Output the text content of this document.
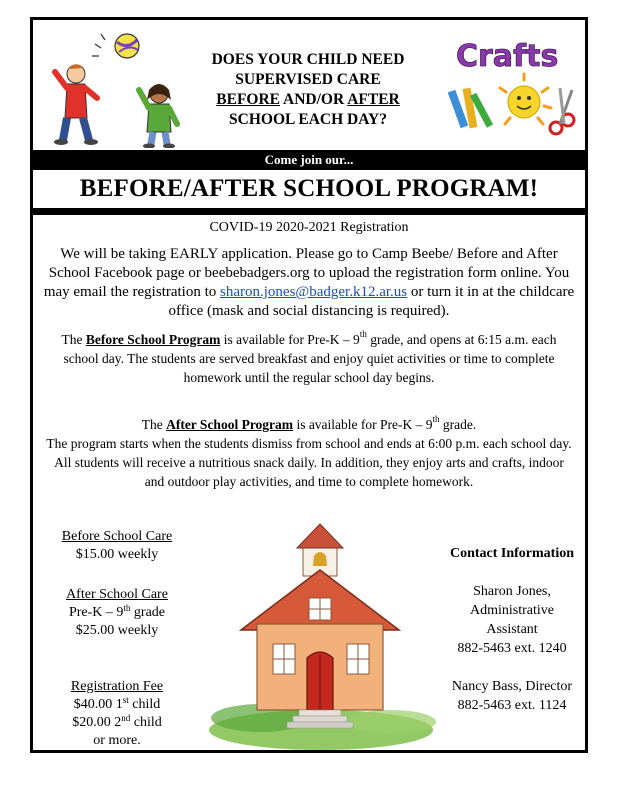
DOES YOUR CHILD NEED
SUPERVISED CARE
BEFORE AND/OR AFTER
SCHOOL EACH DAY?
Crafts
Come join our...
BEFORE/AFTER SCHOOL PROGRAM!
COVID-19 2020-2021 Registration
We will be taking EARLY application. Please go to Camp Beebe/ Before and After School Facebook page or beebebadgers.org to upload the registration form online. You may email the registration to sharon.jones@badger.k12.ar.us or turn it in at the childcare office (mask and social distancing is required).
The Before School Program is available for Pre-K – 9th grade, and opens at 6:15 a.m. each school day. The students are served breakfast and enjoy quiet activities or time to complete homework until the regular school day begins.
The After School Program is available for Pre-K – 9th grade.
The program starts when the students dismiss from school and ends at 6:00 p.m. each school day. All students will receive a nutritious snack daily. In addition, they enjoy arts and crafts, indoor and outdoor play activities, and time to complete homework.
Before School Care
$15.00 weekly
After School Care
Pre-K – 9th grade
$25.00 weekly
Registration Fee
$40.00 1st child
$20.00 2nd child
or more.
Contact Information
Sharon Jones,
Administrative
Assistant
882-5463 ext. 1240
Nancy Bass, Director
882-5463 ext. 1124
